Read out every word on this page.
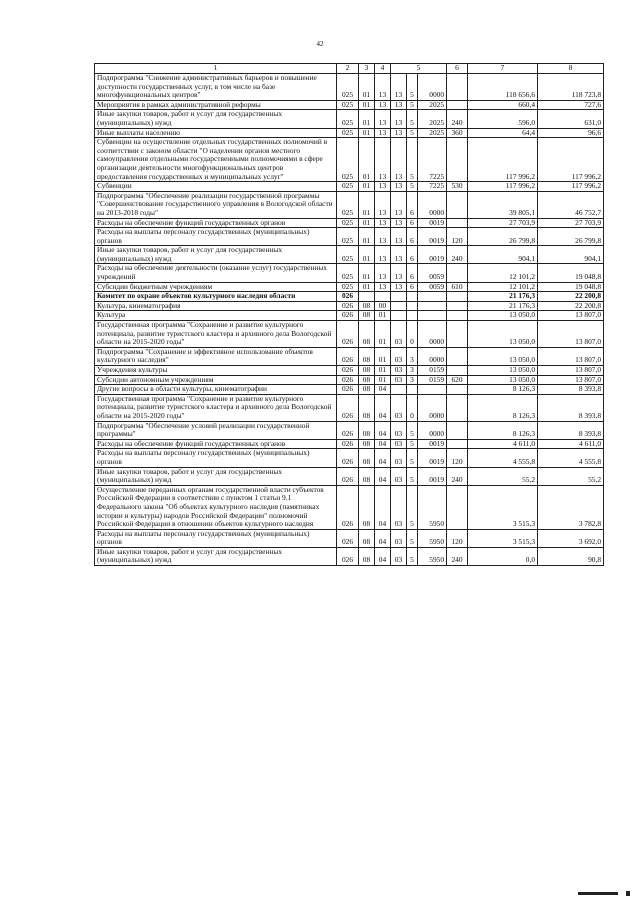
42
1	2	3	4	5			6	7	8
Подпрограмма "Снижение административных барьеров и повышение доступности государственных услуг, в том числе на базе многофункциональных центров"	025	01	13	13	5	0000		118 656,6	118 723,8
Мероприятия в рамках административной реформы	025	01	13	13	5	2025		660,4	727,6
Иные закупки товаров, работ и услуг для государственных (муниципальных) нужд	025	01	13	13	5	2025	240	596,0	631,0
Иные выплаты населению	025	01	13	13	5	2025	360	64,4	96,6
Субвенции на осуществление отдельных государственных полномочий в соответствии с законом области "О наделении органов местного самоуправления отдельными государственными полномочиями в сфере организации деятельности многофункциональных центров предоставления государственных и муниципальных услуг"	025	01	13	13	5	7225		117 996,2	117 996,2
Субвенции	025	01	13	13	5	7225	530	117 996,2	117 996,2
Подпрограмма "Обеспечение реализации государственной программы "Совершенствование государственного управления в Вологодской области на 2013-2018 годы"	025	01	13	13	6	0000		39 805,1	46 752,7
Расходы на обеспечение функций государственных органов	025	01	13	13	6	0019		27 703,9	27 703,9
Расходы на выплаты персоналу государственных (муниципальных) органов	025	01	13	13	6	0019	120	26 799,8	26 799,8
Иные закупки товаров, работ и услуг для государственных (муниципальных) нужд	025	01	13	13	6	0019	240	904,1	904,1
Расходы на обеспечение деятельности (оказание услуг) государственных учреждений	025	01	13	13	6	0059		12 101,2	19 048,8
Субсидии бюджетным учреждениям	025	01	13	13	6	0059	610	12 101,2	19 048,8
Комитет по охране объектов культурного наследия области	026							21 176,3	22 200,8
Культура, кинематография	026	08	00					21 176,3	22 200,8
Культура	026	08	01					13 050,0	13 807,0
Государственная программа "Сохранение и развитие культурного потенциала, развитие туристского кластера и архивного дела Вологодской области на 2015-2020 годы"	026	08	01	03	0	0000		13 050,0	13 807,0
Подпрограмма "Сохранение и эффективное использование объектов культурного наследия"	026	08	01	03	3	0000		13 050,0	13 807,0
Учреждения культуры	026	08	01	03	3	0159		13 050,0	13 807,0
Субсидии автономным учреждениям	026	08	01	03	3	0159	620	13 050,0	13 807,0
Другие вопросы в области культуры, кинематографии	026	08	04					8 126,3	8 393,8
Государственная программа "Сохранение и развитие культурного потенциала, развитие туристского кластера и архивного дела Вологодской области на 2015-2020 годы"	026	08	04	03	0	0000		8 126,3	8 393,8
Подпрограмма "Обеспечение условий реализации государственной программы"	026	08	04	03	5	0000		8 126,3	8 393,8
Расходы на обеспечение функций государственных органов	026	08	04	03	5	0019		4 611,0	4 611,0
Расходы на выплаты персоналу государственных (муниципальных) органов	026	08	04	03	5	0019	120	4 555,8	4 555,8
Иные закупки товаров, работ и услуг для государственных (муниципальных) нужд	026	08	04	03	5	0019	240	55,2	55,2
Осуществление переданных органам государственной власти субъектов Российской Федерации в соответствии с пунктом 1 статьи 9.1 Федерального закона "Об объектах культурного наследия (памятниках истории и культуры) народов Российской Федерации" полномочий Российской Федерации в отношении объектов культурного наследия	026	08	04	03	5	5950		3 515,3	3 782,8
Расходы на выплаты персоналу государственных (муниципальных) органов	026	08	04	03	5	5950	120	3 515,3	3 692,0
Иные закупки товаров, работ и услуг для государственных (муниципальных) нужд	026	08	04	03	5	5950	240	0,0	90,8
